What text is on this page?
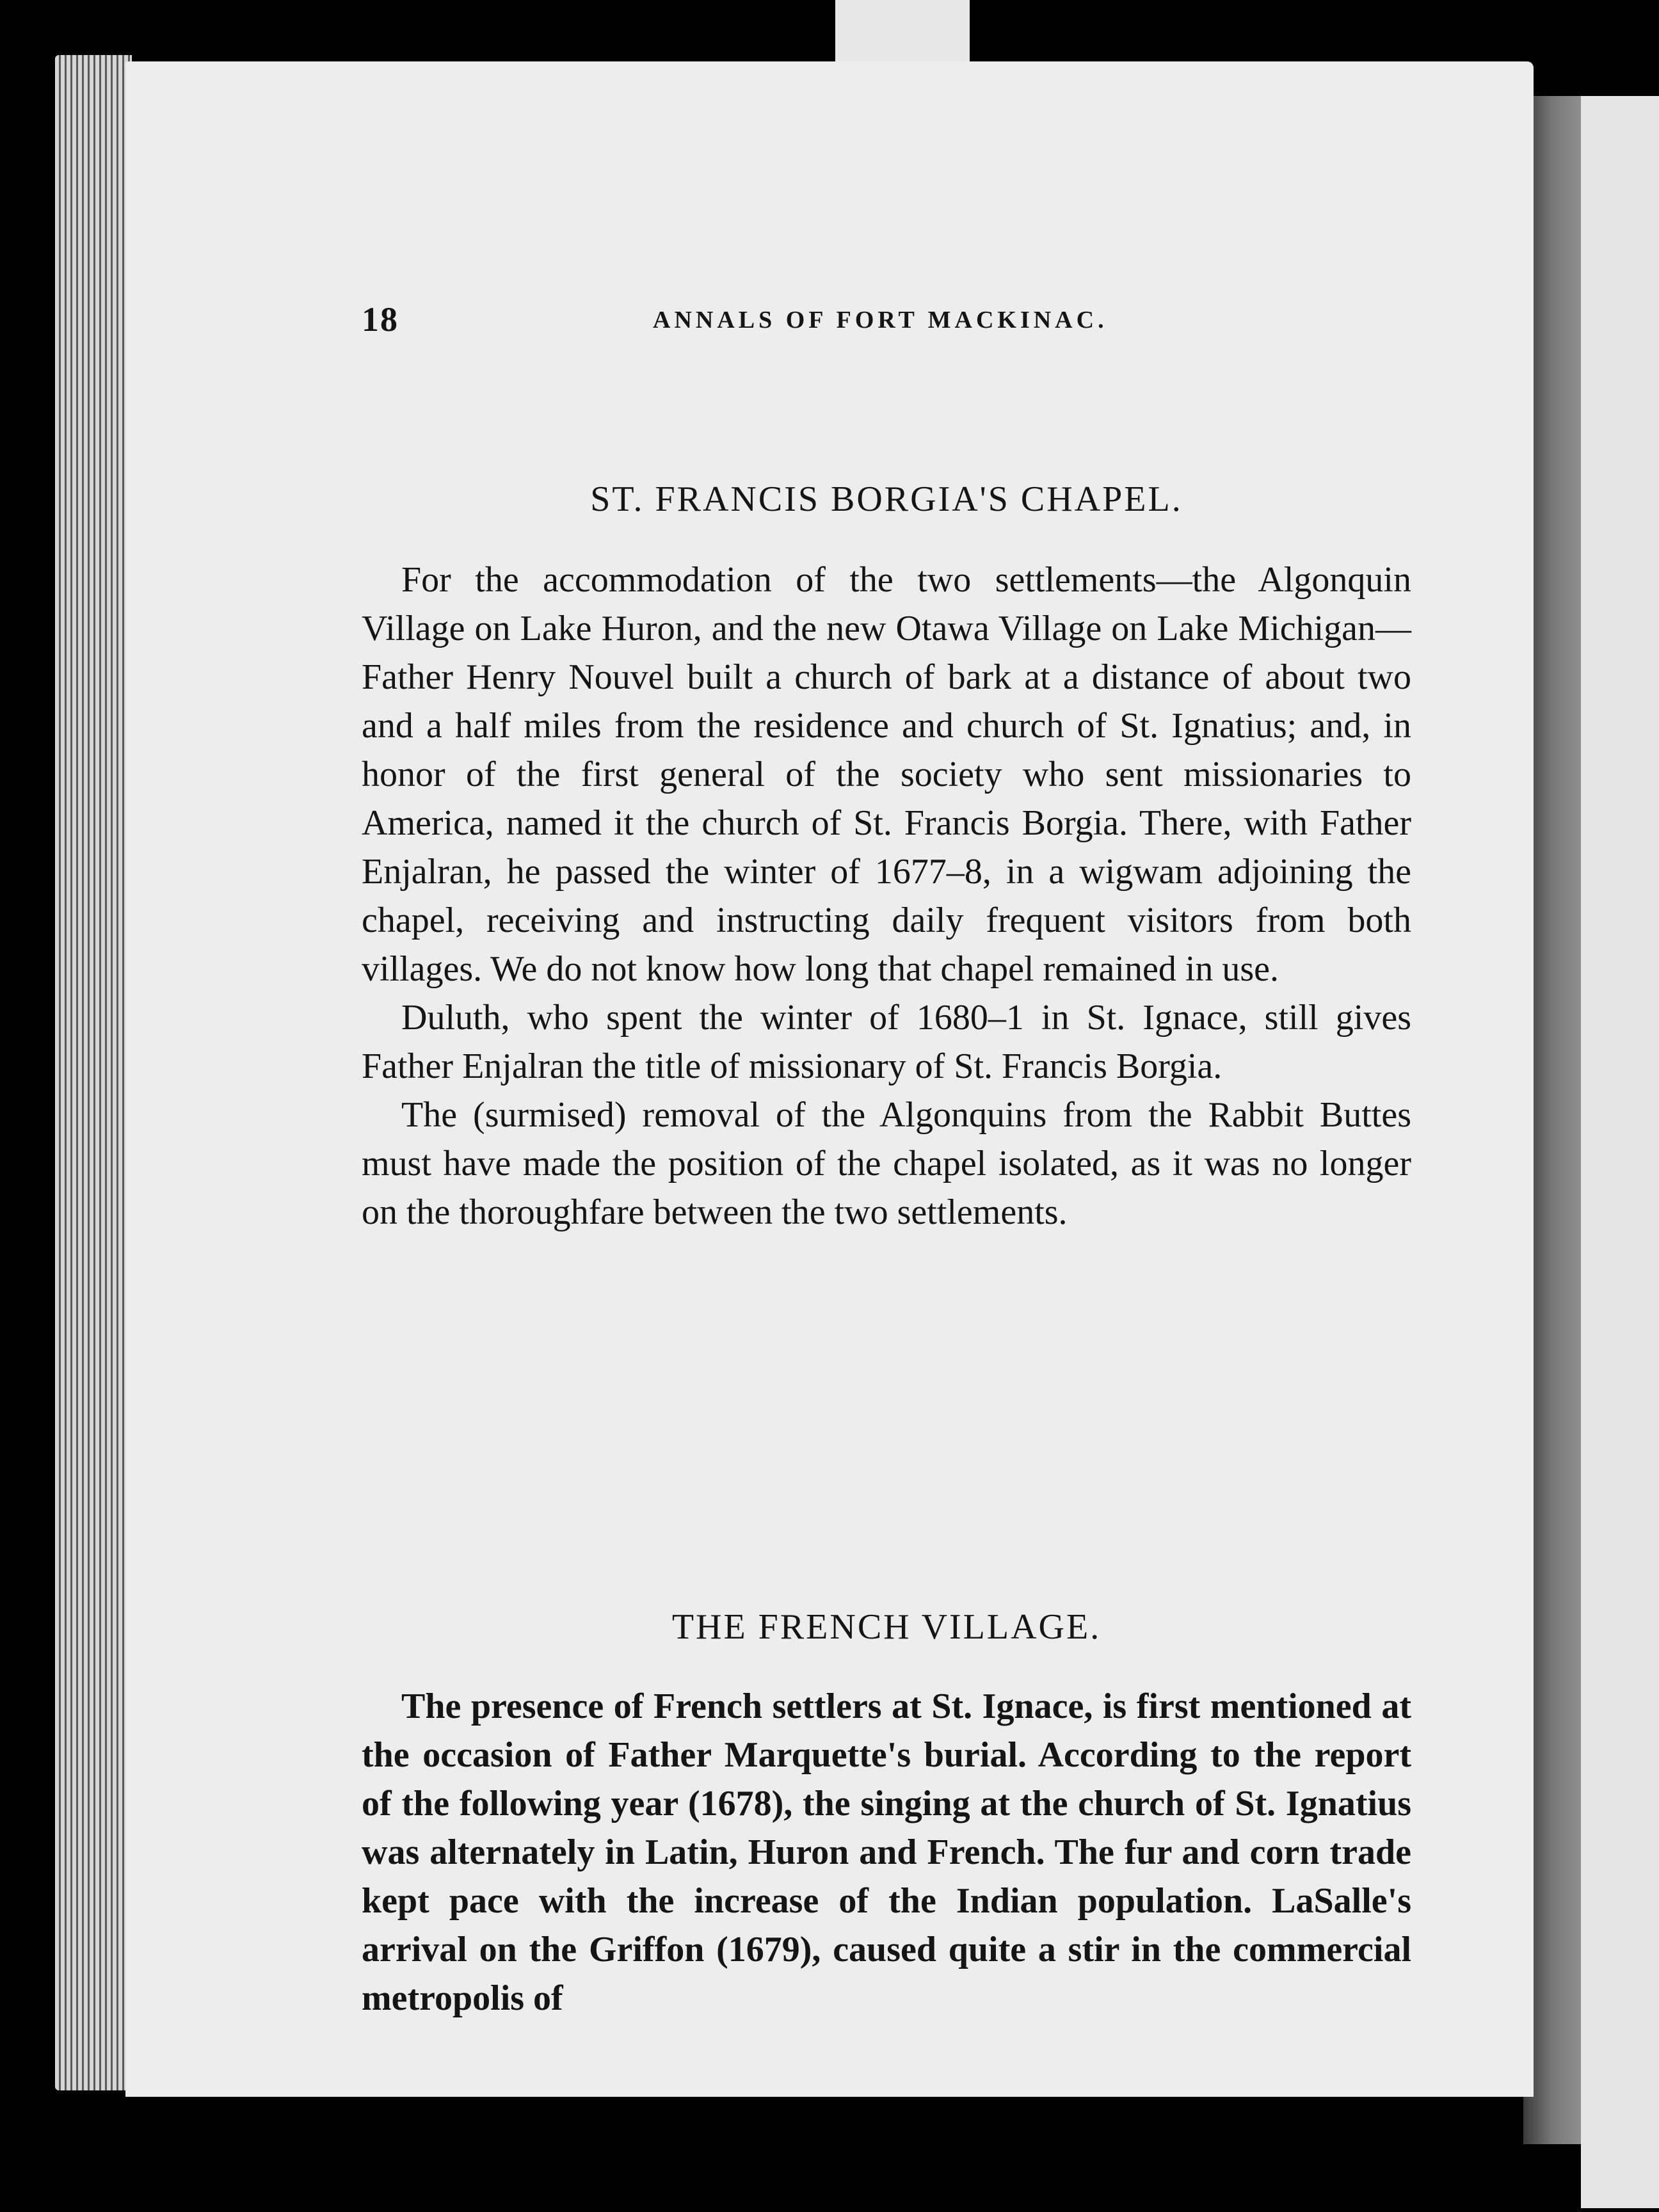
18	ANNALS OF FORT MACKINAC.
ST. FRANCIS BORGIA'S CHAPEL.

For the accommodation of the two settlements—the Algonquin Village on Lake Huron, and the new Otawa Village on Lake Michigan—Father Henry Nouvel built a church of bark at a distance of about two and a half miles from the residence and church of St. Ignatius; and, in honor of the first general of the society who sent missionaries to America, named it the church of St. Francis Borgia. There, with Father Enjalran, he passed the winter of 1677–8, in a wigwam adjoining the chapel, receiving and instructing daily frequent visitors from both villages. We do not know how long that chapel remained in use.

Duluth, who spent the winter of 1680–1 in St. Ignace, still gives Father Enjalran the title of missionary of St. Francis Borgia.

The (surmised) removal of the Algonquins from the Rabbit Buttes must have made the position of the chapel isolated, as it was no longer on the thoroughfare between the two settlements.

THE FRENCH VILLAGE.

The presence of French settlers at St. Ignace, is first mentioned at the occasion of Father Marquette's burial. According to the report of the following year (1678), the singing at the church of St. Ignatius was alternately in Latin, Huron and French. The fur and corn trade kept pace with the increase of the Indian population. LaSalle's arrival on the Griffon (1679), caused quite a stir in the commercial metropolis of
